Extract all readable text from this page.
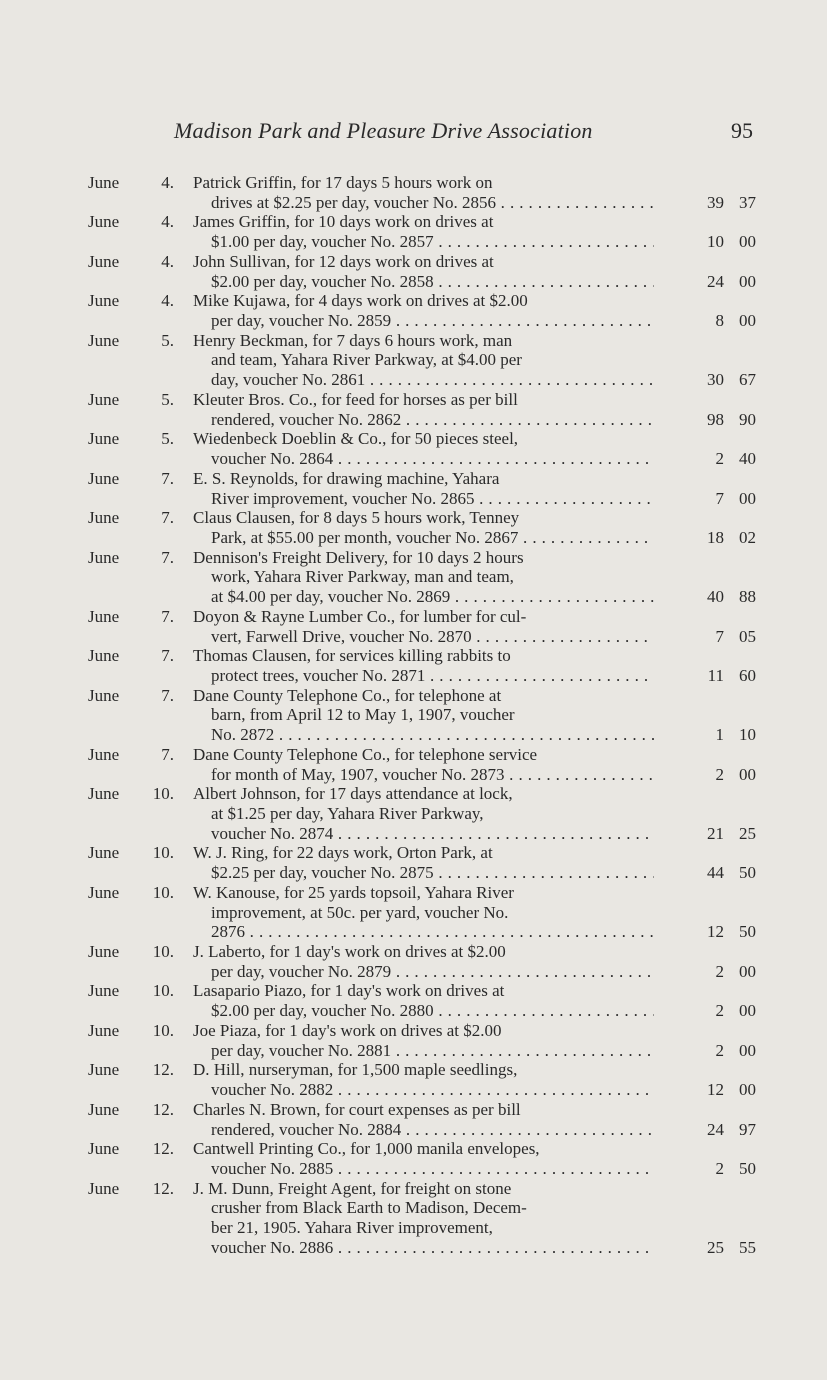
Madison Park and Pleasure Drive Association	95
June	4. Patrick Griffin, for 17 days 5 hours work on
drives at $2.25 per day, voucher No. 2856 . . .	39 37
June	4. James Griffin, for 10 days work on drives at
$1.00 per day, voucher No. 2857 . . .	10 00
June	4. John Sullivan, for 12 days work on drives at
$2.00 per day, voucher No. 2858 . . .	24 00
June	4. Mike Kujawa, for 4 days work on drives at $2.00
per day, voucher No. 2859 . . .	8 00
June	5. Henry Beckman, for 7 days 6 hours work, man
and team, Yahara River Parkway, at $4.00 per
day, voucher No. 2861 . . .	30 67
June	5. Kleuter Bros. Co., for feed for horses as per bill
rendered, voucher No. 2862 . . .	98 90
June	5. Wiedenbeck Doeblin & Co., for 50 pieces steel,
voucher No. 2864 . . .	2 40
June	7. E. S. Reynolds, for drawing machine, Yahara
River improvement, voucher No. 2865 . . .	7 00
June	7. Claus Clausen, for 8 days 5 hours work, Tenney
Park, at $55.00 per month, voucher No. 2867 . . .	18 02
June	7. Dennison's Freight Delivery, for 10 days 2 hours
work, Yahara River Parkway, man and team,
at $4.00 per day, voucher No. 2869 . . .	40 88
June	7. Doyon & Rayne Lumber Co., for lumber for cul-
vert, Farwell Drive, voucher No. 2870 . . .	7 05
June	7. Thomas Clausen, for services killing rabbits to
protect trees, voucher No. 2871 . . .	11 60
June	7. Dane County Telephone Co., for telephone at
barn, from April 12 to May 1, 1907, voucher
No. 2872 . . .	1 10
June	7. Dane County Telephone Co., for telephone service
for month of May, 1907, voucher No. 2873 . . .	2 00
June	10. Albert Johnson, for 17 days attendance at lock,
at $1.25 per day, Yahara River Parkway,
voucher No. 2874 . . .	21 25
June	10. W. J. Ring, for 22 days work, Orton Park, at
$2.25 per day, voucher No. 2875 . . .	44 50
June	10. W. Kanouse, for 25 yards topsoil, Yahara River
improvement, at 50c. per yard, voucher No.
2876 . . .	12 50
June	10. J. Laberto, for 1 day's work on drives at $2.00
per day, voucher No. 2879 . . .	2 00
June	10. Lasapario Piazo, for 1 day's work on drives at
$2.00 per day, voucher No. 2880 . . .	2 00
June	10. Joe Piaza, for 1 day's work on drives at $2.00
per day, voucher No. 2881 . . .	2 00
June	12. D. Hill, nurseryman, for 1,500 maple seedlings,
voucher No. 2882 . . .	12 00
June	12. Charles N. Brown, for court expenses as per bill
rendered, voucher No. 2884 . . .	24 97
June	12. Cantwell Printing Co., for 1,000 manila envelopes,
voucher No. 2885 . . .	2 50
June	12. J. M. Dunn, Freight Agent, for freight on stone
crusher from Black Earth to Madison, Decem-
ber 21, 1905. Yahara River improvement,
voucher No. 2886 . . .	25 55
